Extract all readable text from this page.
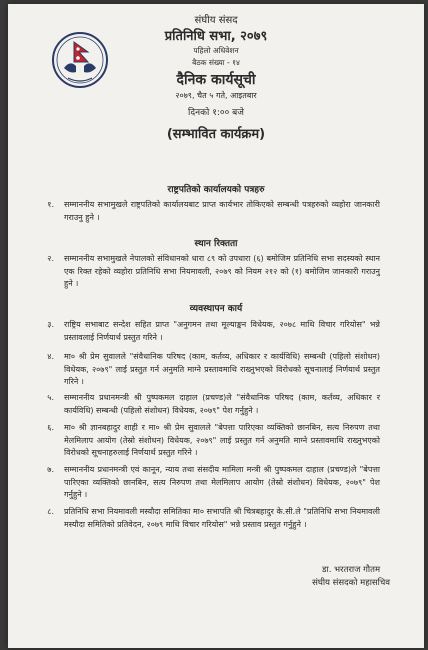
संघीय संसद
प्रतिनिधि सभा, २०७९
पहिलो अधिवेशन
बैठक संख्या - १४
दैनिक कार्यसूची
२०७९, चैत ५ गते, आइतबार
दिनको १:०० बजे
(सम्भावित कार्यक्रम)
राष्ट्रपतिको कार्यालयको पत्रहरु
१. सम्माननीय सभामुखले राष्ट्रपतिको कार्यालयबाट प्राप्त कार्यभार तोकिएको सम्बन्धी पत्रहरुको व्यहोरा जानकारी गराउनु हुने ।
स्थान रिक्तता
२. सम्माननीय सभामुखले नेपालको संविधानको धारा ८९ को उपधारा (६) बमोजिम प्रतिनिधि सभा सदस्यको स्थान एक रिक्त रहेको व्यहोरा प्रतिनिधि सभा नियमावली, २०७९ को नियम २१२ को (१) बमोजिम जानकारी गराउनु हुने ।
व्यवस्थापन कार्य
३. राष्ट्रिय सभाबाट सन्देश सहित प्राप्त "अनुगमन तथा मूल्याङ्कन विधेयक, २०७८ माथि विचार गरियोस" भन्ने प्रस्तावलाई निर्णयार्थ प्रस्तुत गरिने ।
४. मा० श्री प्रेम सुवालले "संवैधानिक परिषद (काम, कर्तव्य, अधिकार र कार्यविधि) सम्बन्धी (पहिलो संशोधन) विधेयक, २०७९" लाई प्रस्तुत गर्न अनुमति माग्ने प्रस्तावमाथि राख्नुभएको विरोधको सूचनालाई निर्णयार्थ प्रस्तुत गरिने ।
५. सम्माननीय प्रधानमन्त्री श्री पुष्पकमल दाहाल (प्रचण्ड)ले "संवैधानिक परिषद (काम, कर्तव्य, अधिकार र कार्यविधि) सम्बन्धी (पहिलो संशोधन) विधेयक, २०७९" पेश गर्नुहुने ।
६. मा० श्री ज्ञानबहादुर शाही र मा० श्री प्रेम सुवालले "बेपत्ता पारिएका व्यक्तिको छानबिन, सत्य निरुपण तथा मेलमिलाप आयोग (तेस्रो संशोधन) विधेयक, २०७९" लाई प्रस्तुत गर्न अनुमति माग्ने प्रस्तावमाथि राख्नुभएको विरोधको सूचनाहरुलाई निर्णयार्थ प्रस्तुत गरिने ।
७. सम्माननीय प्रधानमन्त्री एवं कानून, न्याय तथा संसदीय मामिला मन्त्री श्री पुष्पकमल दाहाल (प्रचण्ड)ले "बेपत्ता पारिएका व्यक्तिको छानबिन, सत्य निरुपण तथा मेलमिलाप आयोग (तेस्रो संशोधन) विधेयक, २०७९" पेश गर्नुहुने ।
८. प्रतिनिधि सभा नियमावली मस्यौदा समितिका मा० सभापति श्री चित्रबहादुर के.सी.ले "प्रतिनिधि सभा नियमावली मस्यौदा समितिको प्रतिवेदन, २०७९ माथि विचार गरियोस" भन्ने प्रस्ताव प्रस्तुत गर्नुहुने ।
डा. भरतराज गौतम
संघीय संसदको महासचिव
